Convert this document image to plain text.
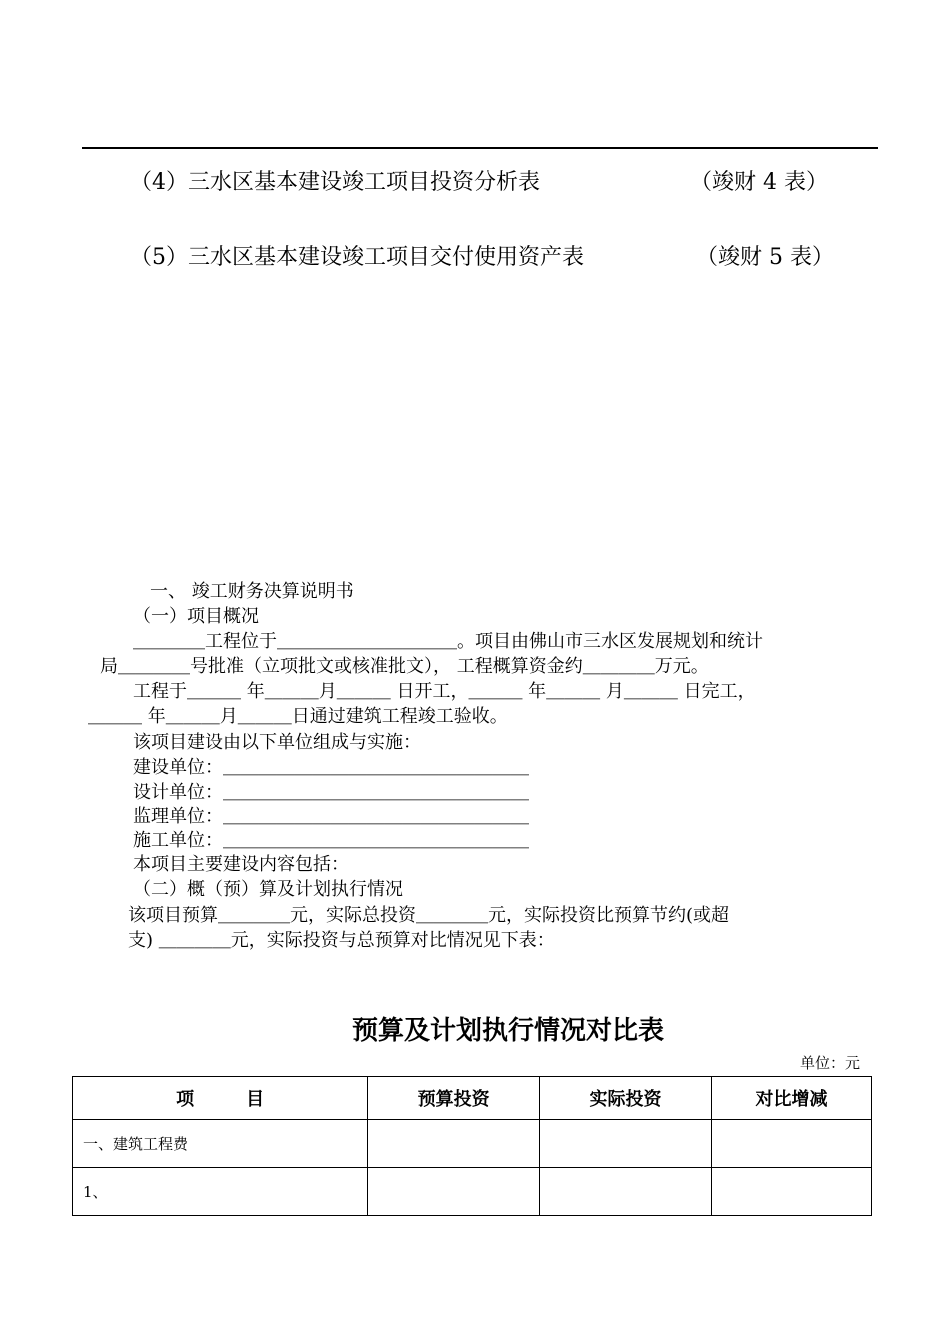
（4）三水区基本建设竣工项目投资分析表	（竣财 4 表）
（5）三水区基本建设竣工项目交付使用资产表	（竣财 5 表）
一、 竣工财务决算说明书
（一）项目概况
＿＿＿＿工程位于＿＿＿＿＿＿＿＿＿＿。项目由佛山市三水区发展规划和统计
局＿＿＿＿号批准（立项批文或核准批文）， 工程概算资金约＿＿＿＿万元。
工程于＿＿＿ 年＿＿＿月＿＿＿ 日开工，＿＿＿ 年＿＿＿ 月＿＿＿ 日完工，
＿＿＿ 年＿＿＿月＿＿＿日通过建筑工程竣工验收。
该项目建设由以下单位组成与实施：
建设单位：＿＿＿＿＿＿＿＿＿＿＿＿＿＿＿＿＿
设计单位：＿＿＿＿＿＿＿＿＿＿＿＿＿＿＿＿＿
监理单位：＿＿＿＿＿＿＿＿＿＿＿＿＿＿＿＿＿
施工单位：＿＿＿＿＿＿＿＿＿＿＿＿＿＿＿＿＿
本项目主要建设内容包括：
（二）概（预）算及计划执行情况
该项目预算＿＿＿＿元，实际总投资＿＿＿＿元，实际投资比预算节约(或超
支) ＿＿＿＿元，实际投资与总预算对比情况见下表：
预算及计划执行情况对比表
单位：元
项 目	预算投资	实际投资	对比增减
一、建筑工程费			
1、			
